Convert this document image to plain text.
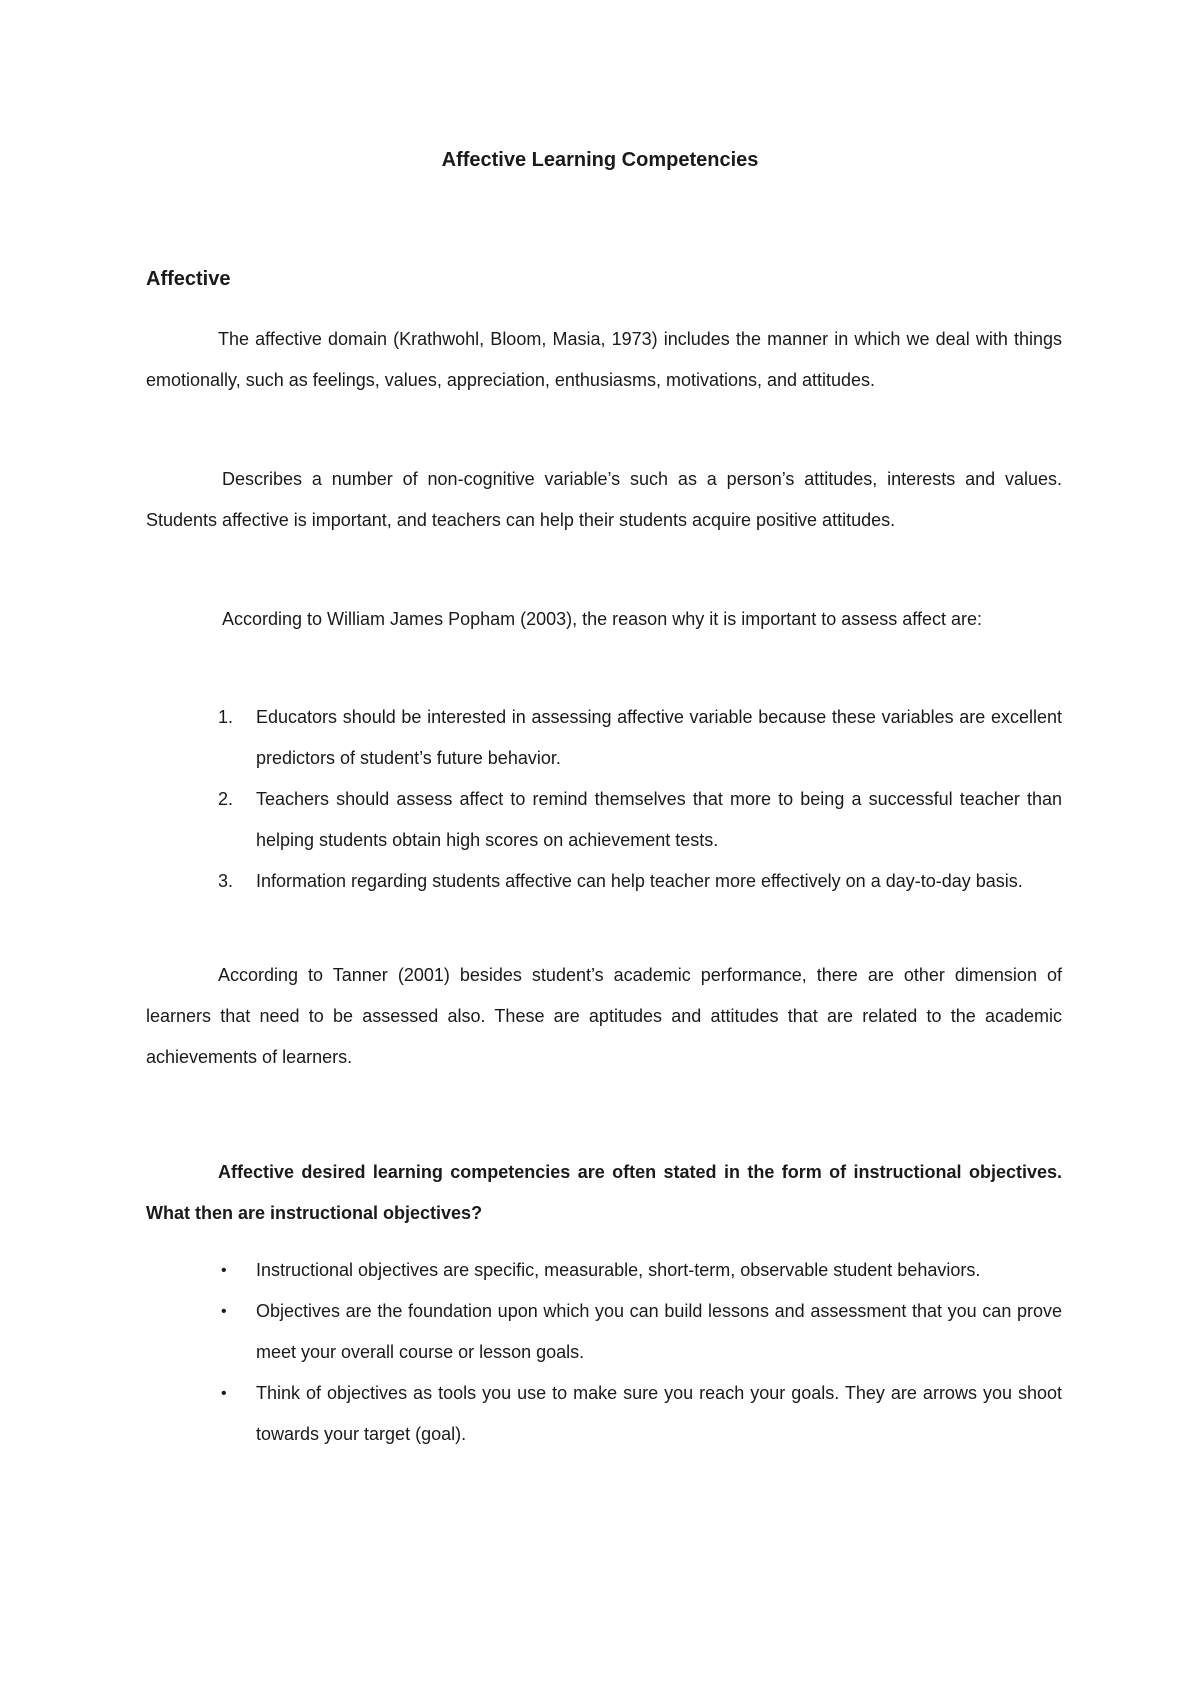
Affective Learning Competencies
Affective

The affective domain (Krathwohl, Bloom, Masia, 1973) includes the manner in which we deal with things emotionally, such as feelings, values, appreciation, enthusiasms, motivations, and attitudes.

Describes a number of non-cognitive variable’s such as a person’s attitudes, interests and values. Students affective is important, and teachers can help their students acquire positive attitudes.

According to William James Popham (2003), the reason why it is important to assess affect are:

1.	Educators should be interested in assessing affective variable because these variables are excellent predictors of student’s future behavior.
2.	Teachers should assess affect to remind themselves that more to being a successful teacher than helping students obtain high scores on achievement tests.
3.	Information regarding students affective can help teacher more effectively on a day-to-day basis.

According to Tanner (2001) besides student’s academic performance, there are other dimension of learners that need to be assessed also. These are aptitudes and attitudes that are related to the academic achievements of learners.

Affective desired learning competencies are often stated in the form of instructional objectives. What then are instructional objectives?

• Instructional objectives are specific, measurable, short-term, observable student behaviors.
• Objectives are the foundation upon which you can build lessons and assessment that you can prove meet your overall course or lesson goals.
• Think of objectives as tools you use to make sure you reach your goals. They are arrows you shoot towards your target (goal).
